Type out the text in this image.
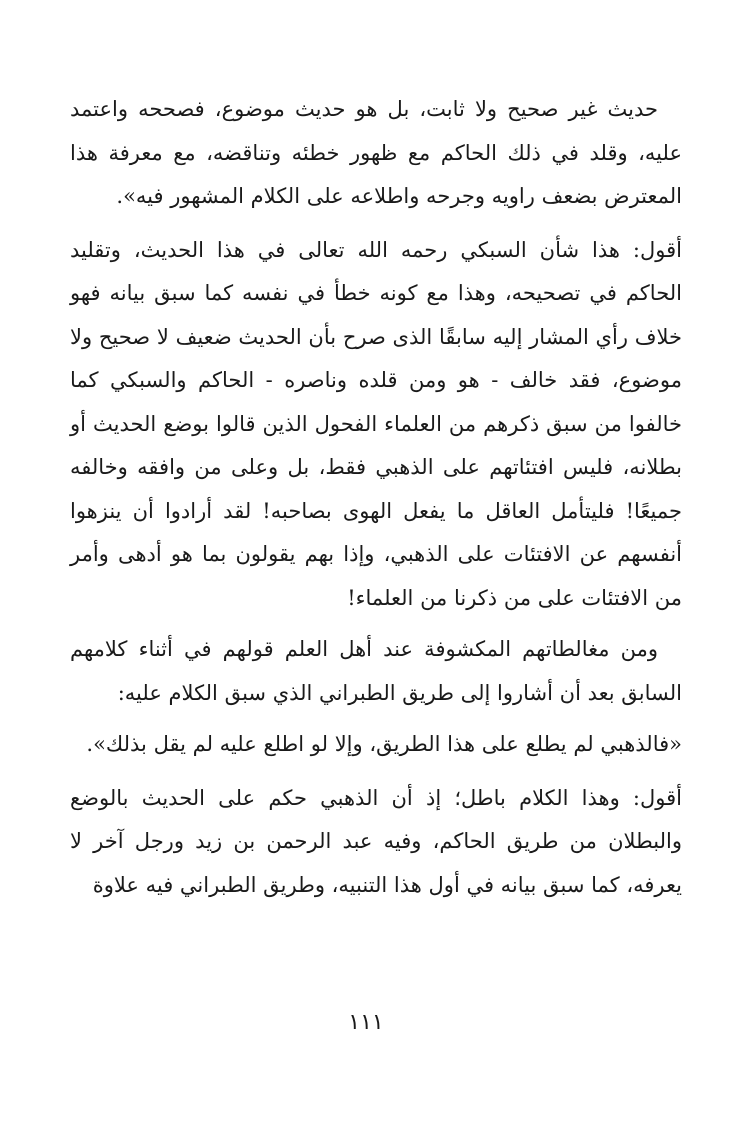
حديث غير صحيح ولا ثابت، بل هو حديث موضوع، فصححه واعتمد عليه، وقلد في ذلك الحاكم مع ظهور خطئه وتناقضه، مع معرفة هذا المعترض بضعف راويه وجرحه واطلاعه على الكلام المشهور فيه».

أقول: هذا شأن السبكي رحمه الله تعالى في هذا الحديث، وتقليد الحاكم في تصحيحه، وهذا مع كونه خطأ في نفسه كما سبق بيانه فهو خلاف رأي المشار إليه سابقًا الذى صرح بأن الحديث ضعيف لا صحيح ولا موضوع، فقد خالف - هو ومن قلده وناصره - الحاكم والسبكي كما خالفوا من سبق ذكرهم من العلماء الفحول الذين قالوا بوضع الحديث أو بطلانه، فليس افتئاتهم على الذهبي فقط، بل وعلى من وافقه وخالفه جميعًا! فليتأمل العاقل ما يفعل الهوى بصاحبه! لقد أرادوا أن ينزهوا أنفسهم عن الافتئات على الذهبي، وإذا بهم يقولون بما هو أدهى وأمر من الافتئات على من ذكرنا من العلماء!

ومن مغالطاتهم المكشوفة عند أهل العلم قولهم في أثناء كلامهم السابق بعد أن أشاروا إلى طريق الطبراني الذي سبق الكلام عليه:

«فالذهبي لم يطلع على هذا الطريق، وإلا لو اطلع عليه لم يقل بذلك».

أقول: وهذا الكلام باطل؛ إذ أن الذهبي حكم على الحديث بالوضع والبطلان من طريق الحاكم، وفيه عبد الرحمن بن زيد ورجل آخر لا يعرفه، كما سبق بيانه في أول هذا التنبيه، وطريق الطبراني فيه علاوة

١١١
